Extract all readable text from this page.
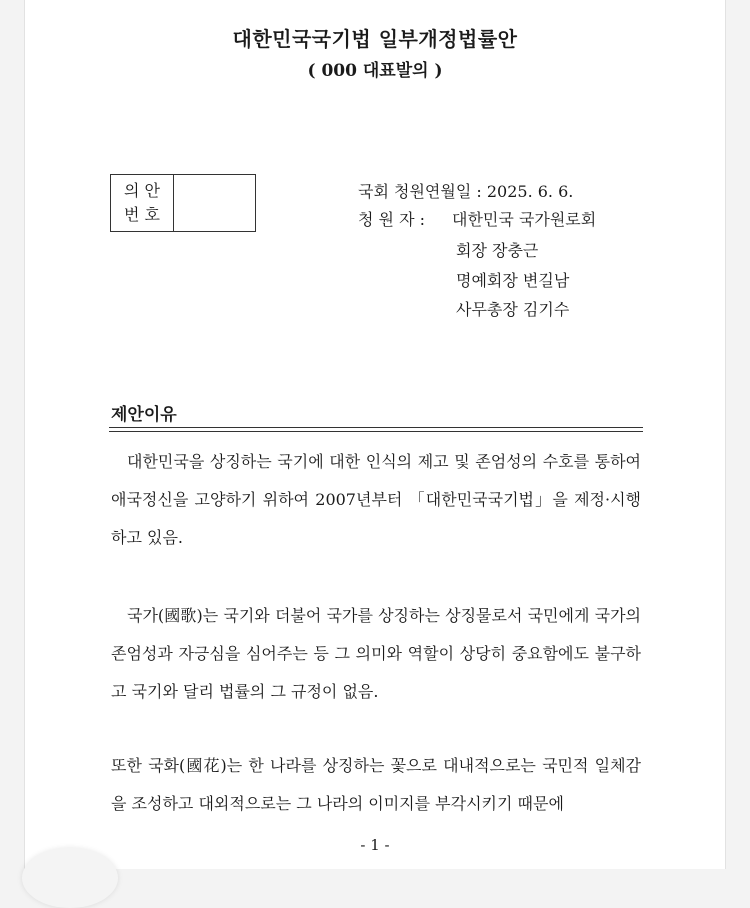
대한민국국기법 일부개정법률안
( 000 대표발의 )
의 안
번 호
국회 청원연월일 : 2025. 6. 6.
청 원 자 : 대한민국 국가원로회
회장 장충근
명예회장 변길남
사무총장 김기수
제안이유
대한민국을 상징하는 국기에 대한 인식의 제고 및 존엄성의 수호를 통하여 애국정신을 고양하기 위하여 2007년부터 「대한민국국기법」을 제정·시행하고 있음.
국가(國歌)는 국기와 더불어 국가를 상징하는 상징물로서 국민에게 국가의 존엄성과 자긍심을 심어주는 등 그 의미와 역할이 상당히 중요함에도 불구하고 국기와 달리 법률의 그 규정이 없음.
또한 국화(國花)는 한 나라를 상징하는 꽃으로 대내적으로는 국민적 일체감을 조성하고 대외적으로는 그 나라의 이미지를 부각시키기 때문에
- 1 -
